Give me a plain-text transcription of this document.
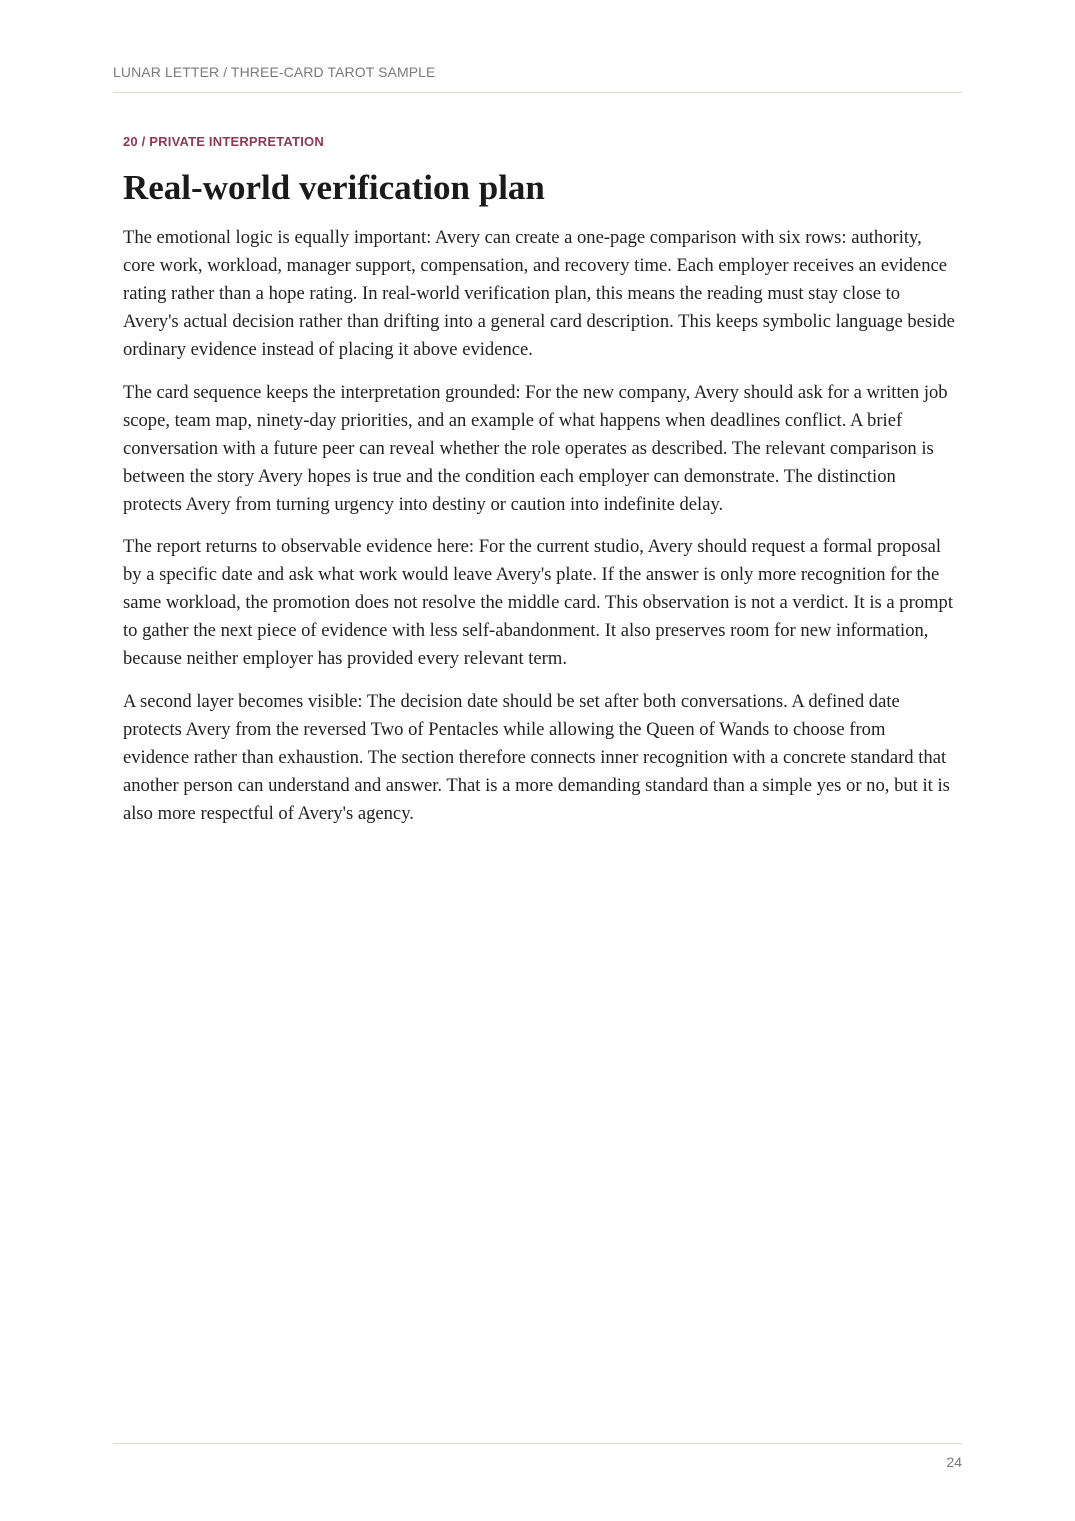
LUNAR LETTER / THREE-CARD TAROT SAMPLE

20 / PRIVATE INTERPRETATION

Real-world verification plan

The emotional logic is equally important: Avery can create a one-page comparison with six rows: authority, core work, workload, manager support, compensation, and recovery time. Each employer receives an evidence rating rather than a hope rating. In real-world verification plan, this means the reading must stay close to Avery's actual decision rather than drifting into a general card description. This keeps symbolic language beside ordinary evidence instead of placing it above evidence.

The card sequence keeps the interpretation grounded: For the new company, Avery should ask for a written job scope, team map, ninety-day priorities, and an example of what happens when deadlines conflict. A brief conversation with a future peer can reveal whether the role operates as described. The relevant comparison is between the story Avery hopes is true and the condition each employer can demonstrate. The distinction protects Avery from turning urgency into destiny or caution into indefinite delay.

The report returns to observable evidence here: For the current studio, Avery should request a formal proposal by a specific date and ask what work would leave Avery's plate. If the answer is only more recognition for the same workload, the promotion does not resolve the middle card. This observation is not a verdict. It is a prompt to gather the next piece of evidence with less self-abandonment. It also preserves room for new information, because neither employer has provided every relevant term.

A second layer becomes visible: The decision date should be set after both conversations. A defined date protects Avery from the reversed Two of Pentacles while allowing the Queen of Wands to choose from evidence rather than exhaustion. The section therefore connects inner recognition with a concrete standard that another person can understand and answer. That is a more demanding standard than a simple yes or no, but it is also more respectful of Avery's agency.

24
